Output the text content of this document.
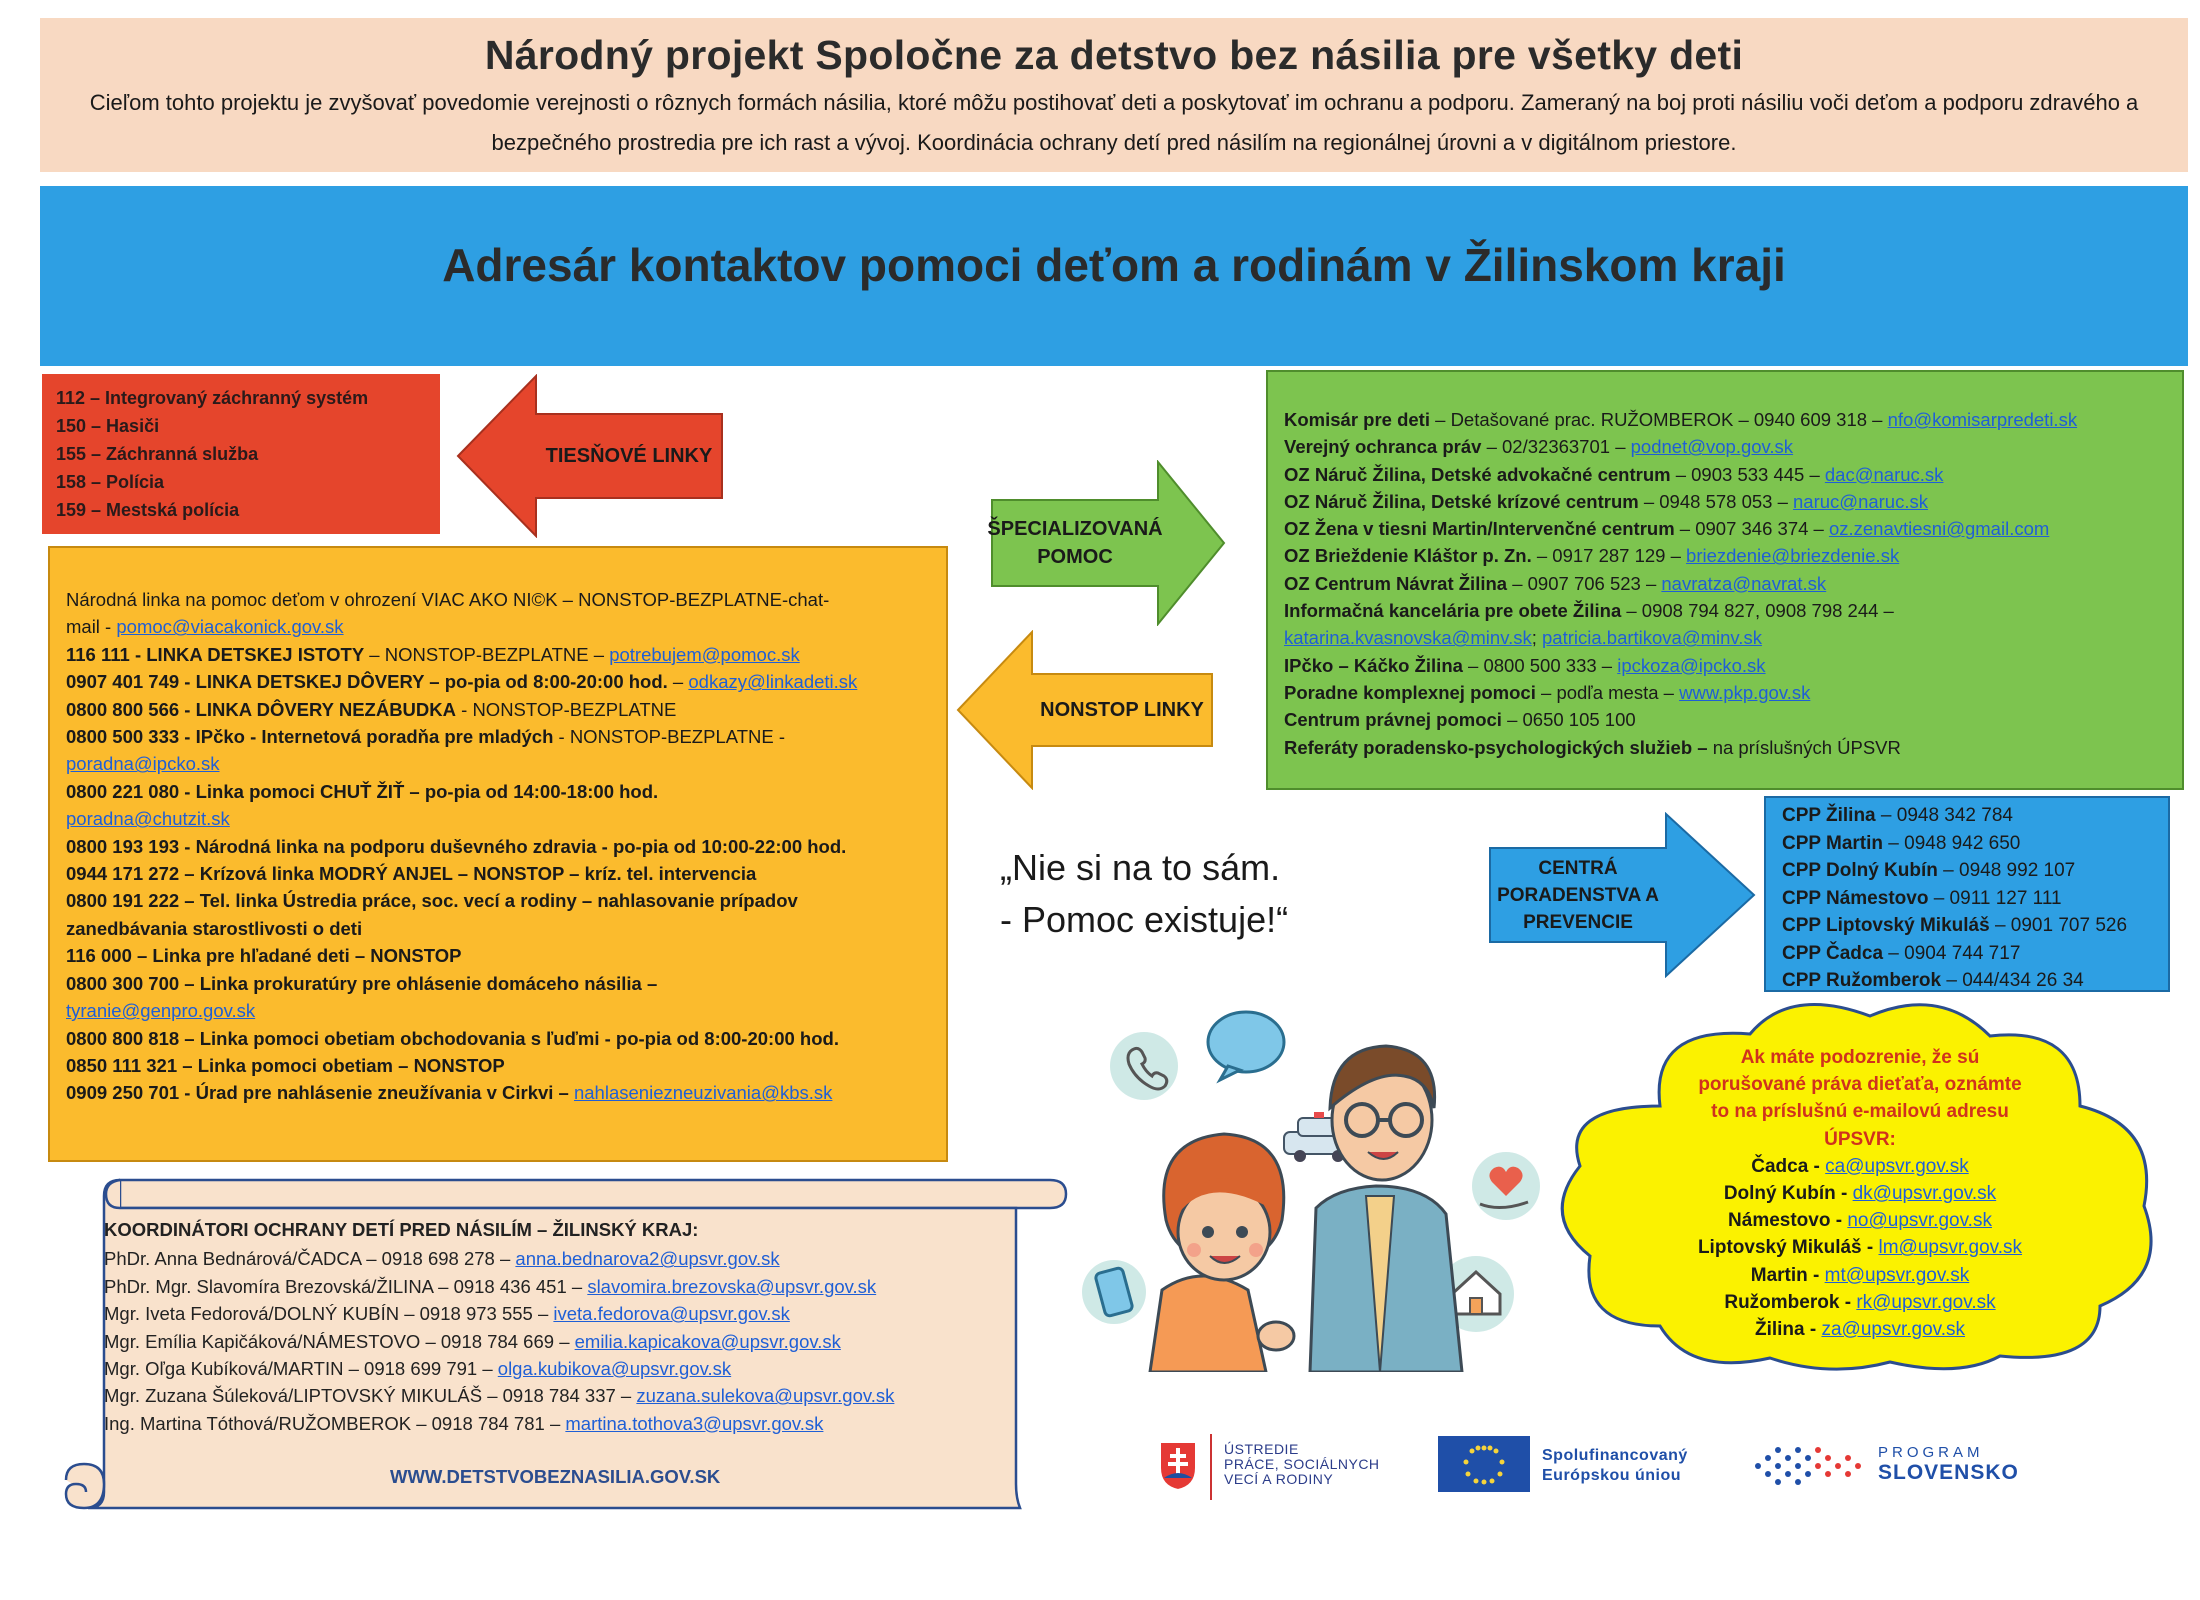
Národný projekt Spoločne za detstvo bez násilia pre všetky deti
Cieľom tohto projektu je zvyšovať povedomie verejnosti o rôznych formách násilia, ktoré môžu postihovať deti a poskytovať im ochranu a podporu. Zameraný na boj proti násiliu voči deťom a podporu zdravého a bezpečného prostredia pre ich rast a vývoj. Koordinácia ochrany detí pred násilím na regionálnej úrovni a v digitálnom priestore.
Adresár kontaktov pomoci deťom a rodinám v Žilinskom kraji
112 – Integrovaný záchranný systém
150 – Hasiči
155 – Záchranná služba
158 – Polícia
159 – Mestská polícia
TIESŇOVÉ LINKY
ŠPECIALIZOVANÁ
POMOC
NONSTOP LINKY
CENTRÁ
PORADENSTVA A
PREVENCIE
Národná linka na pomoc deťom v ohrození VIAC AKO NI©K – NONSTOP-BEZPLATNE-chat-
mail - pomoc@viacakonick.gov.sk
116 111 - LINKA DETSKEJ ISTOTY – NONSTOP-BEZPLATNE – potrebujem@pomoc.sk
0907 401 749 - LINKA DETSKEJ DÔVERY – po-pia od 8:00-20:00 hod. – odkazy@linkadeti.sk
0800 800 566 - LINKA DÔVERY NEZÁBUDKA - NONSTOP-BEZPLATNE
0800 500 333 - IPčko - Internetová poradňa pre mladých - NONSTOP-BEZPLATNE -
poradna@ipcko.sk
0800 221 080 - Linka pomoci CHUŤ ŽIŤ – po-pia od 14:00-18:00 hod.
poradna@chutzit.sk
0800 193 193 - Národná linka na podporu duševného zdravia - po-pia od 10:00-22:00 hod.
0944 171 272 – Krízová linka MODRÝ ANJEL – NONSTOP – kríz. tel. intervencia
0800 191 222 – Tel. linka Ústredia práce, soc. vecí a rodiny – nahlasovanie prípadov
zanedbávania starostlivosti o deti
116 000 – Linka pre hľadané deti – NONSTOP
0800 300 700 – Linka prokuratúry pre ohlásenie domáceho násilia –
tyranie@genpro.gov.sk
0800 800 818 – Linka pomoci obetiam obchodovania s ľuďmi - po-pia od 8:00-20:00 hod.
0850 111 321 – Linka pomoci obetiam – NONSTOP
0909 250 701 - Úrad pre nahlásenie zneužívania v Cirkvi – nahlaseniezneuzivania@kbs.sk
Komisár pre deti – Detašované prac. RUŽOMBEROK – 0940 609 318 – nfo@komisarpredeti.sk
Verejný ochranca práv – 02/32363701 – podnet@vop.gov.sk
OZ Náruč Žilina, Detské advokačné centrum – 0903 533 445 – dac@naruc.sk
OZ Náruč Žilina, Detské krízové centrum – 0948 578 053 – naruc@naruc.sk
OZ Žena v tiesni Martin/Intervenčné centrum – 0907 346 374 – oz.zenavtiesni@gmail.com
OZ Brieždenie Kláštor p. Zn. – 0917 287 129 – briezdenie@briezdenie.sk
OZ Centrum Návrat Žilina – 0907 706 523 – navratza@navrat.sk
Informačná kancelária pre obete Žilina – 0908 794 827, 0908 798 244 –
katarina.kvasnovska@minv.sk; patricia.bartikova@minv.sk
IPčko – Káčko Žilina – 0800 500 333 – ipckoza@ipcko.sk
Poradne komplexnej pomoci – podľa mesta – www.pkp.gov.sk
Centrum právnej pomoci – 0650 105 100
Referáty poradensko-psychologických služieb – na príslušných ÚPSVR
CPP Žilina – 0948 342 784
CPP Martin – 0948 942 650
CPP Dolný Kubín – 0948 992 107
CPP Námestovo – 0911 127 111
CPP Liptovský Mikuláš – 0901 707 526
CPP Čadca – 0904 744 717
CPP Ružomberok – 044/434 26 34
„Nie si na to sám.
- Pomoc existuje!“
KOORDINÁTORI OCHRANY DETÍ PRED NÁSILÍM – ŽILINSKÝ KRAJ:
PhDr. Anna Bednárová/ČADCA – 0918 698 278 – anna.bednarova2@upsvr.gov.sk
PhDr. Mgr. Slavomíra Brezovská/ŽILINA – 0918 436 451 – slavomira.brezovska@upsvr.gov.sk
Mgr. Iveta Fedorová/DOLNÝ KUBÍN – 0918 973 555 – iveta.fedorova@upsvr.gov.sk
Mgr. Emília Kapičáková/NÁMESTOVO – 0918 784 669 – emilia.kapicakova@upsvr.gov.sk
Mgr. Oľga Kubíková/MARTIN – 0918 699 791 – olga.kubikova@upsvr.gov.sk
Mgr. Zuzana Šúleková/LIPTOVSKÝ MIKULÁŠ – 0918 784 337 – zuzana.sulekova@upsvr.gov.sk
Ing. Martina Tóthová/RUŽOMBEROK – 0918 784 781 – martina.tothova3@upsvr.gov.sk
WWW.DETSTVOBEZNASILIA.GOV.SK
Ak máte podozrenie, že sú
porušované práva dieťaťa, oznámte
to na príslušnú e-mailovú adresu
ÚPSVR:
Čadca - ca@upsvr.gov.sk
Dolný Kubín - dk@upsvr.gov.sk
Námestovo - no@upsvr.gov.sk
Liptovský Mikuláš - lm@upsvr.gov.sk
Martin - mt@upsvr.gov.sk
Ružomberok - rk@upsvr.gov.sk
Žilina - za@upsvr.gov.sk
ÚSTREDIE
PRÁCE, SOCIÁLNYCH
VECÍ A RODINY
Spolufinancovaný
Európskou úniou
PROGRAM
SLOVENSKO
